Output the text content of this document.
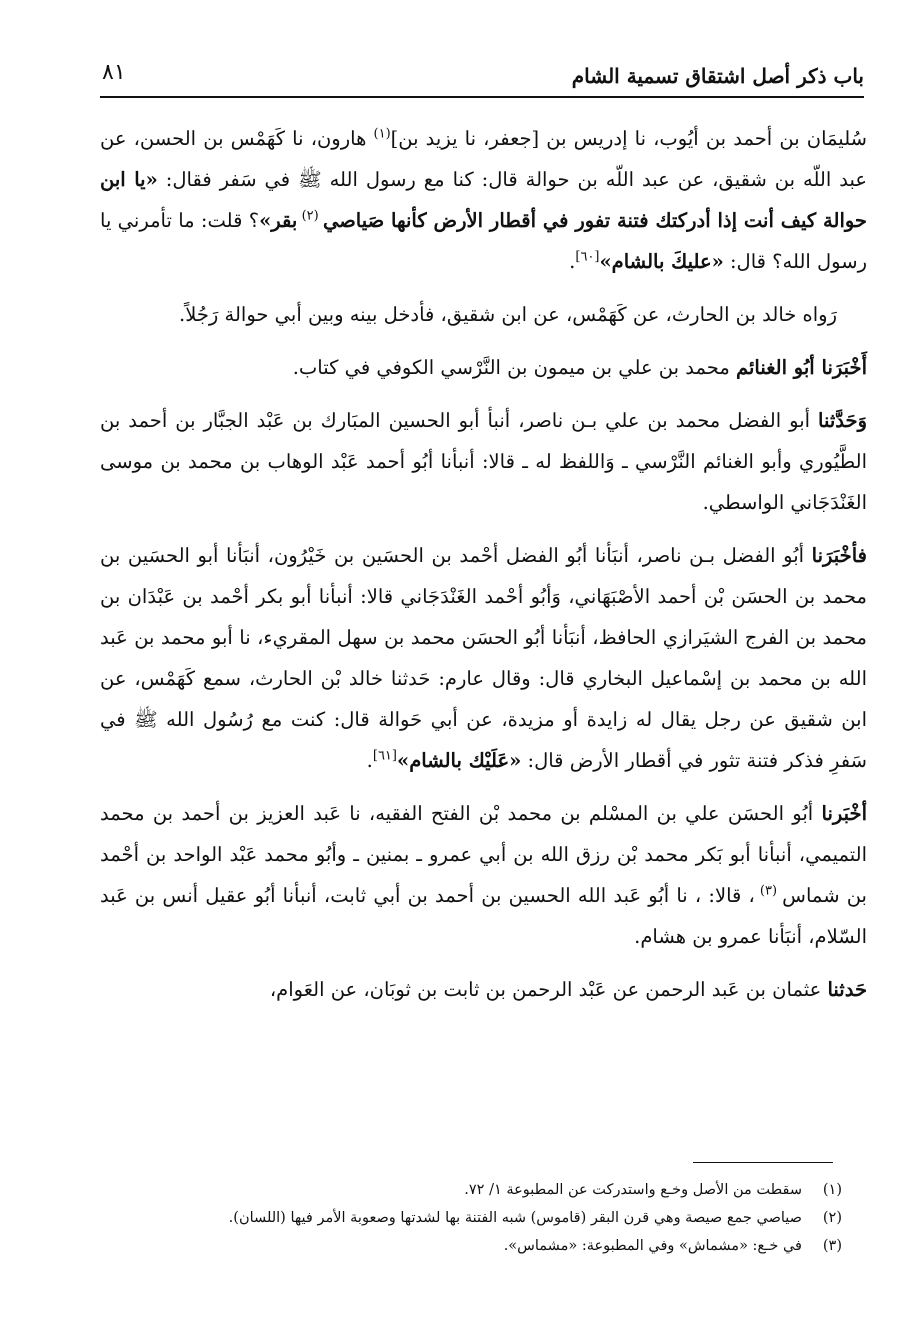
باب ذكر أصل اشتقاق تسمية الشام
٨١

سُليمَان بن أحمد بن أيُوب، نا إدريس بن [جعفر، نا يزيد بن]$^{(١)}$ هارون، نا كَهَمْس بن الحسن، عن عبد اللّه بن شقيق، عن عبد اللّه بن حوالة قال: كنا مع رسول الله ﷺ في سَفر فقال: «يا ابن حوالة كيف أنت إذا أدركتك فتنة تفور في أقطار الأرض كأنها صَياصي $^{(٢)}$ بقر»؟ قلت: ما تأمرني يا رسول الله؟ قال: «عليكَ بالشام»[٦٠].

رَواه خالد بن الحارث، عن كَهَمْس، عن ابن شقيق، فأدخل بينه وبين أبي حوالة رَجُلاً.

أَخْبَرَنا أبُو الغنائم محمد بن علي بن ميمون بن النَّرْسي الكوفي في كتاب.

وَحَدَّثنا أبو الفضل محمد بن علي بـن ناصر، أنبأ أبو الحسين المبَارك بن عَبْد الجبَّار بن أحمد بن الطَّيُوري وأبو الغنائم النَّرْسي ـ وَاللفظ له ـ قالا: أنبأنا أبُو أحمد عَبْد الوهاب بن محمد بن موسى الغَنْدَجَاني الواسطي.

فأخْبَرَنا أبُو الفضل بـن ناصر، أنبَأنا أبُو الفضل أحْمد بن الحسَين بن خَيْرُون، أنبَأنا أبو الحسَين بن محمد بن الحسَن بْن أحمد الأصْبَهَاني، وَأبُو أحْمد الغَنْدَجَاني قالا: أنبأنا أبو بكر أحْمد بن عَبْدَان بن محمد بن الفرج الشيَرازي الحافظ، أنبَأنا أبُو الحسَن محمد بن سهل المقريء، نا أبو محمد بن عَبد الله بن محمد بن إسْماعيل البخاري قال: وقال عارم: حَدثنا خالد بْن الحارث، سمع كَهَمْس، عن ابن شقيق عن رجل يقال له زايدة أو مزيدة، عن أبي حَوالة قال: كنت مع رُسُول الله ﷺ في سَفرِ فذكر فتنة تثور في أقطار الأرض قال: «عَلَيْك بالشام»[٦١].

أخْبَرنا أبُو الحسَن علي بن المسْلم بن محمد بْن الفتح الفقيه، نا عَبد العزيز بن أحمد بن محمد التميمي، أنبأنا أبو بَكر محمد بْن رزق الله بن أبي عمرو ـ بمنين ـ وأبُو محمد عَبْد الواحد بن أحْمد بن شماس $^{(٣)}$ ، قالا: ، نا أبُو عَبد الله الحسين بن أحمد بن أبي ثابت، أنبأنا أبُو عقيل أنس بن عَبد السّلام، أنبَأنا عمرو بن هشام.

حَدثنا عثمان بن عَبد الرحمن عن عَبْد الرحمن بن ثابت بن ثوبَان، عن العَوام،

(١)سقطت من الأصل وخـع واستدركت عن المطبوعة ١/ ٧٢.
(٢)صياصي جمع صيصة وهي قرن البقر (قاموس) شبه الفتنة بها لشدتها وصعوبة الأمر فيها (اللسان).
(٣)في خـع: «مشماش» وفي المطبوعة: «مشماس».
